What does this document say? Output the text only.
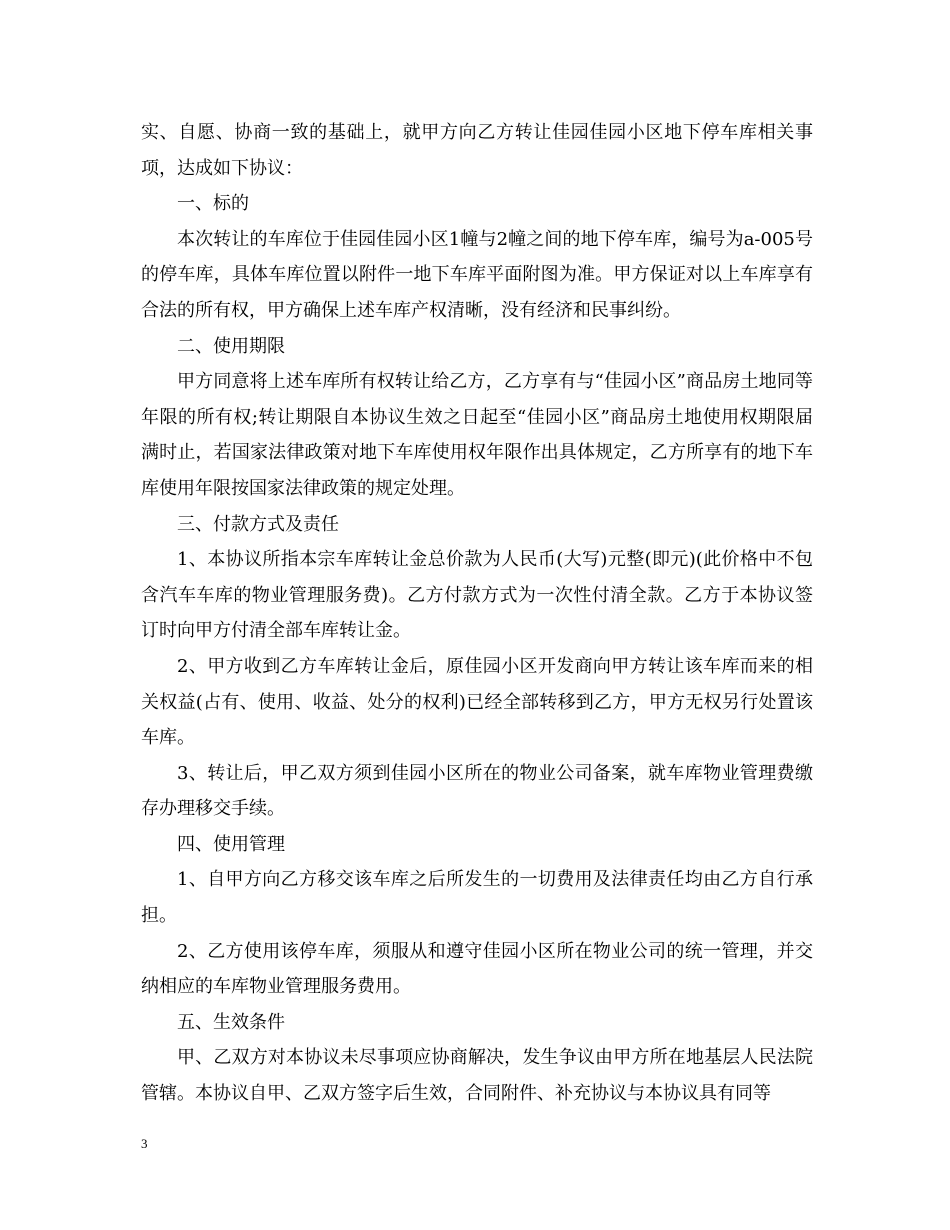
实、自愿、协商一致的基础上，就甲方向乙方转让佳园佳园小区地下停车库相关事项，达成如下协议：

一、标的

本次转让的车库位于佳园佳园小区1幢与2幢之间的地下停车库，编号为a-005号的停车库，具体车库位置以附件一地下车库平面附图为准。甲方保证对以上车库享有合法的所有权，甲方确保上述车库产权清晰，没有经济和民事纠纷。

二、使用期限

甲方同意将上述车库所有权转让给乙方，乙方享有与“佳园小区”商品房土地同等年限的所有权;转让期限自本协议生效之日起至“佳园小区”商品房土地使用权期限届满时止，若国家法律政策对地下车库使用权年限作出具体规定，乙方所享有的地下车库使用年限按国家法律政策的规定处理。

三、付款方式及责任

1、本协议所指本宗车库转让金总价款为人民币(大写)元整(即元)(此价格中不包含汽车车库的物业管理服务费)。乙方付款方式为一次性付清全款。乙方于本协议签订时向甲方付清全部车库转让金。

2、甲方收到乙方车库转让金后，原佳园小区开发商向甲方转让该车库而来的相关权益(占有、使用、收益、处分的权利)已经全部转移到乙方，甲方无权另行处置该车库。

3、转让后，甲乙双方须到佳园小区所在的物业公司备案，就车库物业管理费缴存办理移交手续。

四、使用管理

1、自甲方向乙方移交该车库之后所发生的一切费用及法律责任均由乙方自行承担。

2、乙方使用该停车库，须服从和遵守佳园小区所在物业公司的统一管理，并交纳相应的车库物业管理服务费用。

五、生效条件

甲、乙双方对本协议未尽事项应协商解决，发生争议由甲方所在地基层人民法院管辖。本协议自甲、乙双方签字后生效，合同附件、补充协议与本协议具有同等

3
